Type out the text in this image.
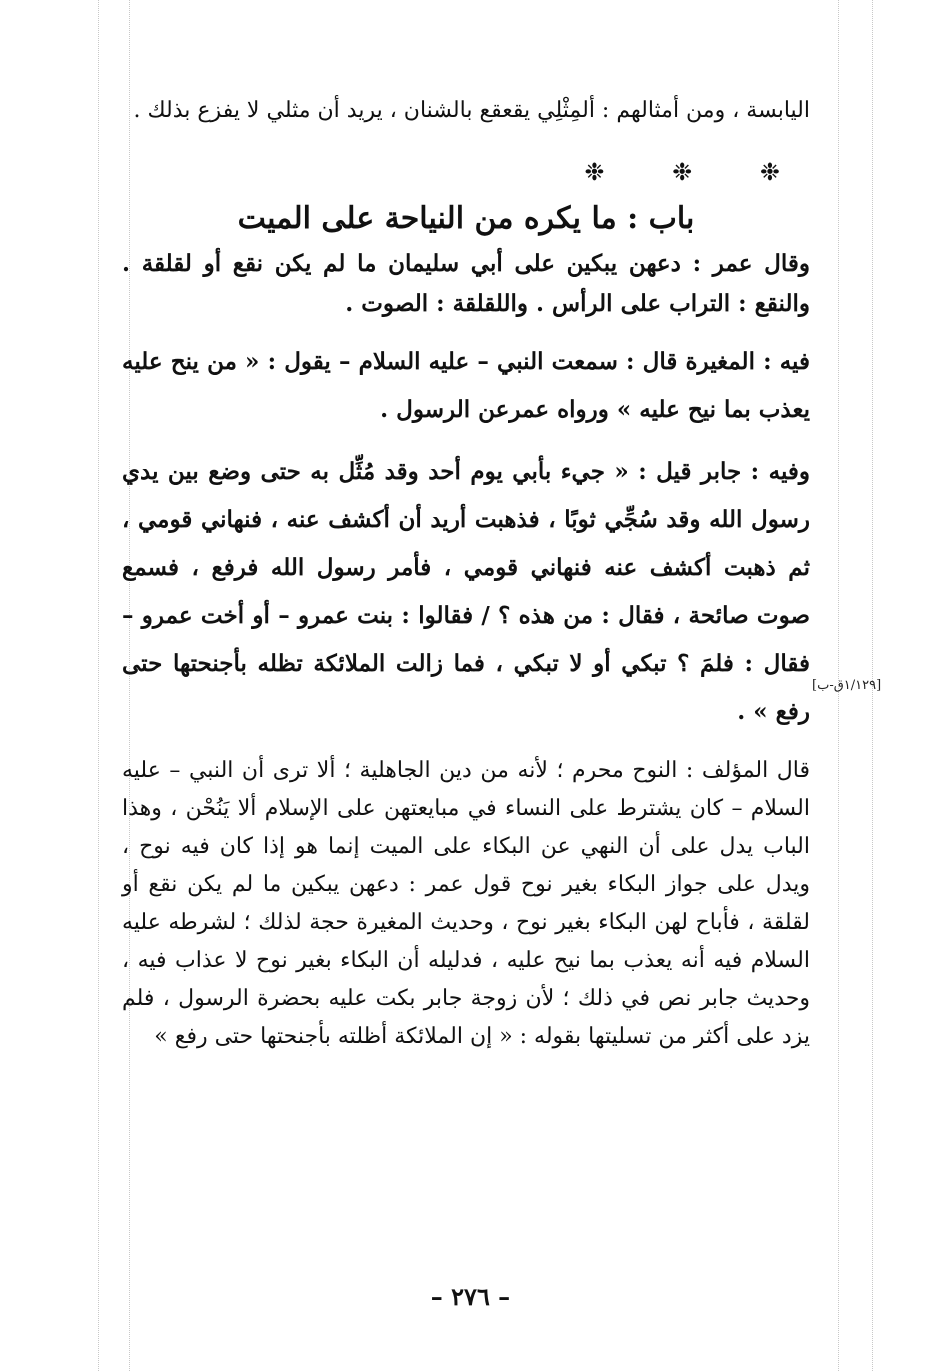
اليابسة ، ومن أمثالهم : ألمِثْلِي يقعقع بالشنان ، يريد أن مثلي لا يفزع بذلك .

❉	❉	❉
باب : ما يكره من النياحة على الميت

وقال عمر : دعهن يبكين على أبي سليمان ما لم يكن نقع أو لقلقة . والنقع : التراب على الرأس . واللقلقة : الصوت .

فيه : المغيرة قال : سمعت النبي – عليه السلام – يقول : « من ينح عليه يعذب بما نيح عليه » ورواه عمرعن الرسول .

وفيه : جابر قيل : « جيء بأبي يوم أحد وقد مُثِّل به حتى وضع بين يدي رسول الله وقد سُجِّي ثوبًا ، فذهبت أريد أن أكشف عنه ، فنهاني قومي ، ثم ذهبت أكشف عنه فنهاني قومي ، فأمر رسول الله فرفع ، فسمع صوت صائحة ، فقال : من هذه ؟ / فقالوا : بنت عمرو – أو أخت عمرو – فقال : فلمَ ؟ تبكي أو لا تبكي ، فما زالت الملائكة تظله بأجنحتها حتى رفع » .

قال المؤلف : النوح محرم ؛ لأنه من دين الجاهلية ؛ ألا ترى أن النبي – عليه السلام – كان يشترط على النساء في مبايعتهن على الإسلام ألا يَنُحْن ، وهذا الباب يدل على أن النهي عن البكاء على الميت إنما هو إذا كان فيه نوح ، ويدل على جواز البكاء بغير نوح قول عمر : دعهن يبكين ما لم يكن نقع أو لقلقة ، فأباح لهن البكاء بغير نوح ، وحديث المغيرة حجة لذلك ؛ لشرطه عليه السلام فيه أنه يعذب بما نيح عليه ، فدليله أن البكاء بغير نوح لا عذاب فيه ، وحديث جابر نص في ذلك ؛ لأن زوجة جابر بكت عليه بحضرة الرسول ، فلم يزد على أكثر من تسليتها بقوله : « إن الملائكة أظلته بأجنحتها حتى رفع »

[١/١٢٩ق-ب]
– ٢٧٦ –
